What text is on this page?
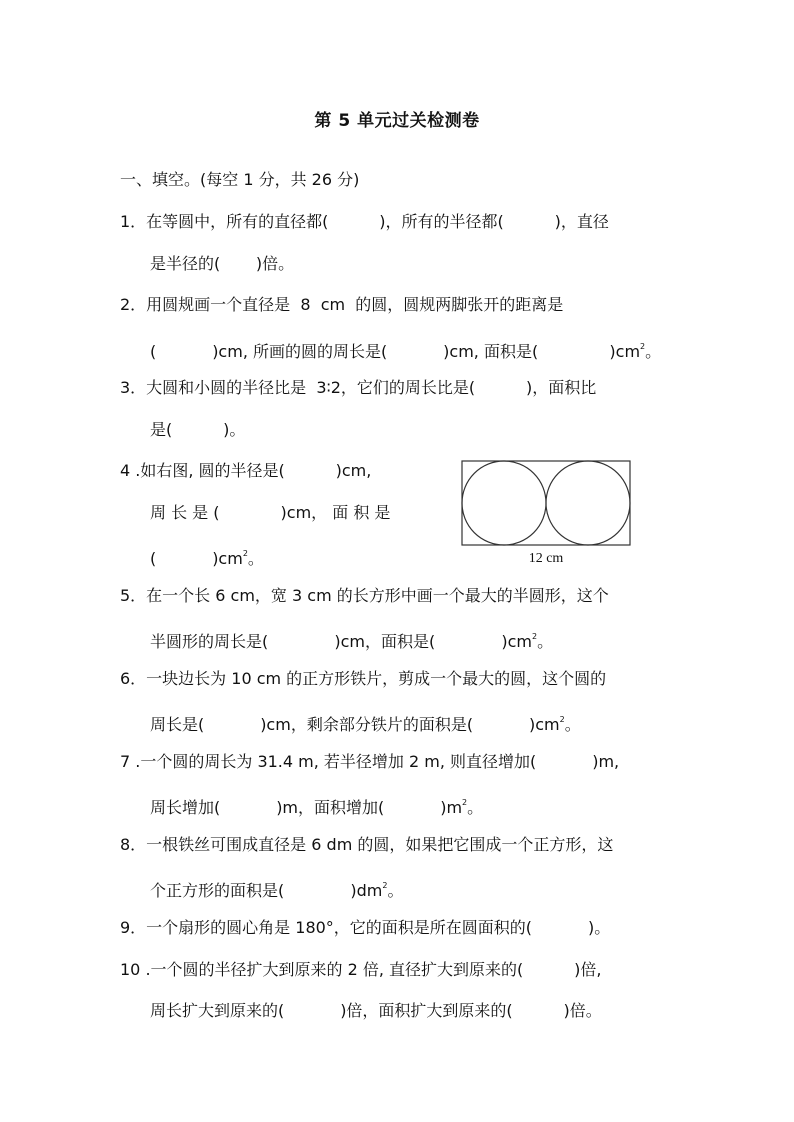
第 5 单元过关检测卷
一、填空。(每空 1 分，共 26 分)
1．在等圆中，所有的直径都(          )，所有的半径都(          )，直径
是半径的(       )倍。
2．用圆规画一个直径是  8  cm  的圆，圆规两脚张开的距离是
(           )cm, 所画的圆的周长是(           )cm, 面积是(              )$cm^2$。
3．大圆和小圆的半径比是  3∶2，它们的周长比是(          )，面积比
是(          )。
4 .如右图, 圆的半径是(          )cm,
周 长 是 (            )cm， 面 积 是
(           )$cm^2$。	12 cm
5．在一个长 6 cm，宽 3 cm 的长方形中画一个最大的半圆形，这个
半圆形的周长是(             )cm，面积是(             )$cm^2$。
6．一块边长为 10 cm 的正方形铁片，剪成一个最大的圆，这个圆的
周长是(           )cm，剩余部分铁片的面积是(           )$cm^2$。
7 .一个圆的周长为 31.4 m, 若半径增加 2 m, 则直径增加(           )m,
周长增加(           )m，面积增加(           )$m^2$。
8．一根铁丝可围成直径是 6 dm 的圆，如果把它围成一个正方形，这
个正方形的面积是(             )$dm^2$。
9．一个扇形的圆心角是 180°，它的面积是所在圆面积的(           )。
10 .一个圆的半径扩大到原来的 2 倍, 直径扩大到原来的(          )倍,
周长扩大到原来的(           )倍，面积扩大到原来的(          )倍。
